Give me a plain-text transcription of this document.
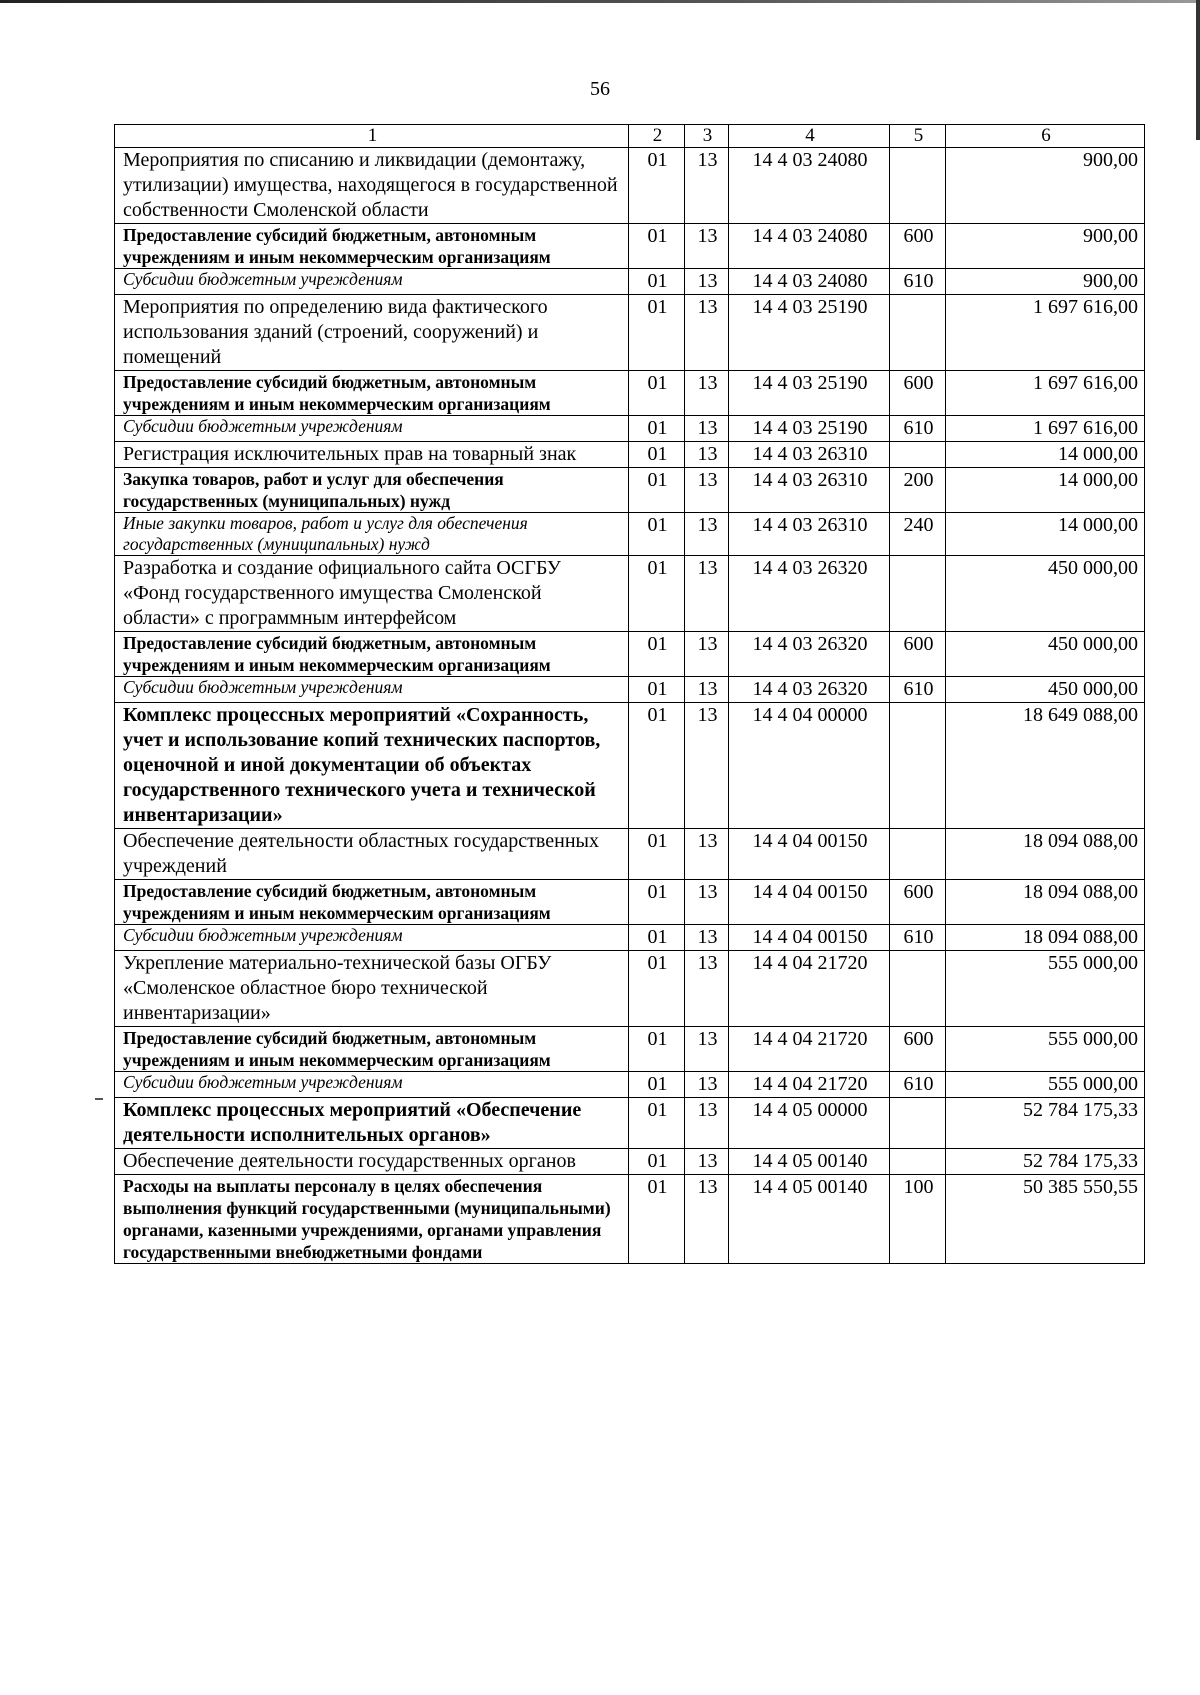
56
1	2	3	4	5	6
Мероприятия по списанию и ликвидации (демонтажу, утилизации) имущества, находящегося в государственной собственности Смоленской области	01	13	14 4 03 24080		900,00
Предоставление субсидий бюджетным, автономным учреждениям и иным некоммерческим организациям	01	13	14 4 03 24080	600	900,00
Субсидии бюджетным учреждениям	01	13	14 4 03 24080	610	900,00
Мероприятия по определению вида фактического использования зданий (строений, сооружений) и помещений	01	13	14 4 03 25190		1 697 616,00
Предоставление субсидий бюджетным, автономным учреждениям и иным некоммерческим организациям	01	13	14 4 03 25190	600	1 697 616,00
Субсидии бюджетным учреждениям	01	13	14 4 03 25190	610	1 697 616,00
Регистрация исключительных прав на товарный знак	01	13	14 4 03 26310		14 000,00
Закупка товаров, работ и услуг для обеспечения государственных (муниципальных) нужд	01	13	14 4 03 26310	200	14 000,00
Иные закупки товаров, работ и услуг для обеспечения государственных (муниципальных) нужд	01	13	14 4 03 26310	240	14 000,00
Разработка и создание официального сайта ОСГБУ «Фонд государственного имущества Смоленской области» с программным интерфейсом	01	13	14 4 03 26320		450 000,00
Предоставление субсидий бюджетным, автономным учреждениям и иным некоммерческим организациям	01	13	14 4 03 26320	600	450 000,00
Субсидии бюджетным учреждениям	01	13	14 4 03 26320	610	450 000,00
Комплекс процессных мероприятий «Сохранность, учет и использование копий технических паспортов, оценочной и иной документации об объектах государственного технического учета и технической инвентаризации»	01	13	14 4 04 00000		18 649 088,00
Обеспечение деятельности областных государственных учреждений	01	13	14 4 04 00150		18 094 088,00
Предоставление субсидий бюджетным, автономным учреждениям и иным некоммерческим организациям	01	13	14 4 04 00150	600	18 094 088,00
Субсидии бюджетным учреждениям	01	13	14 4 04 00150	610	18 094 088,00
Укрепление материально-технической базы ОГБУ «Смоленское областное бюро технической инвентаризации»	01	13	14 4 04 21720		555 000,00
Предоставление субсидий бюджетным, автономным учреждениям и иным некоммерческим организациям	01	13	14 4 04 21720	600	555 000,00
Субсидии бюджетным учреждениям	01	13	14 4 04 21720	610	555 000,00
Комплекс процессных мероприятий «Обеспечение деятельности исполнительных органов»	01	13	14 4 05 00000		52 784 175,33
Обеспечение деятельности государственных органов	01	13	14 4 05 00140		52 784 175,33
Расходы на выплаты персоналу в целях обеспечения выполнения функций государственными (муниципальными) органами, казенными учреждениями, органами управления государственными внебюджетными фондами	01	13	14 4 05 00140	100	50 385 550,55
